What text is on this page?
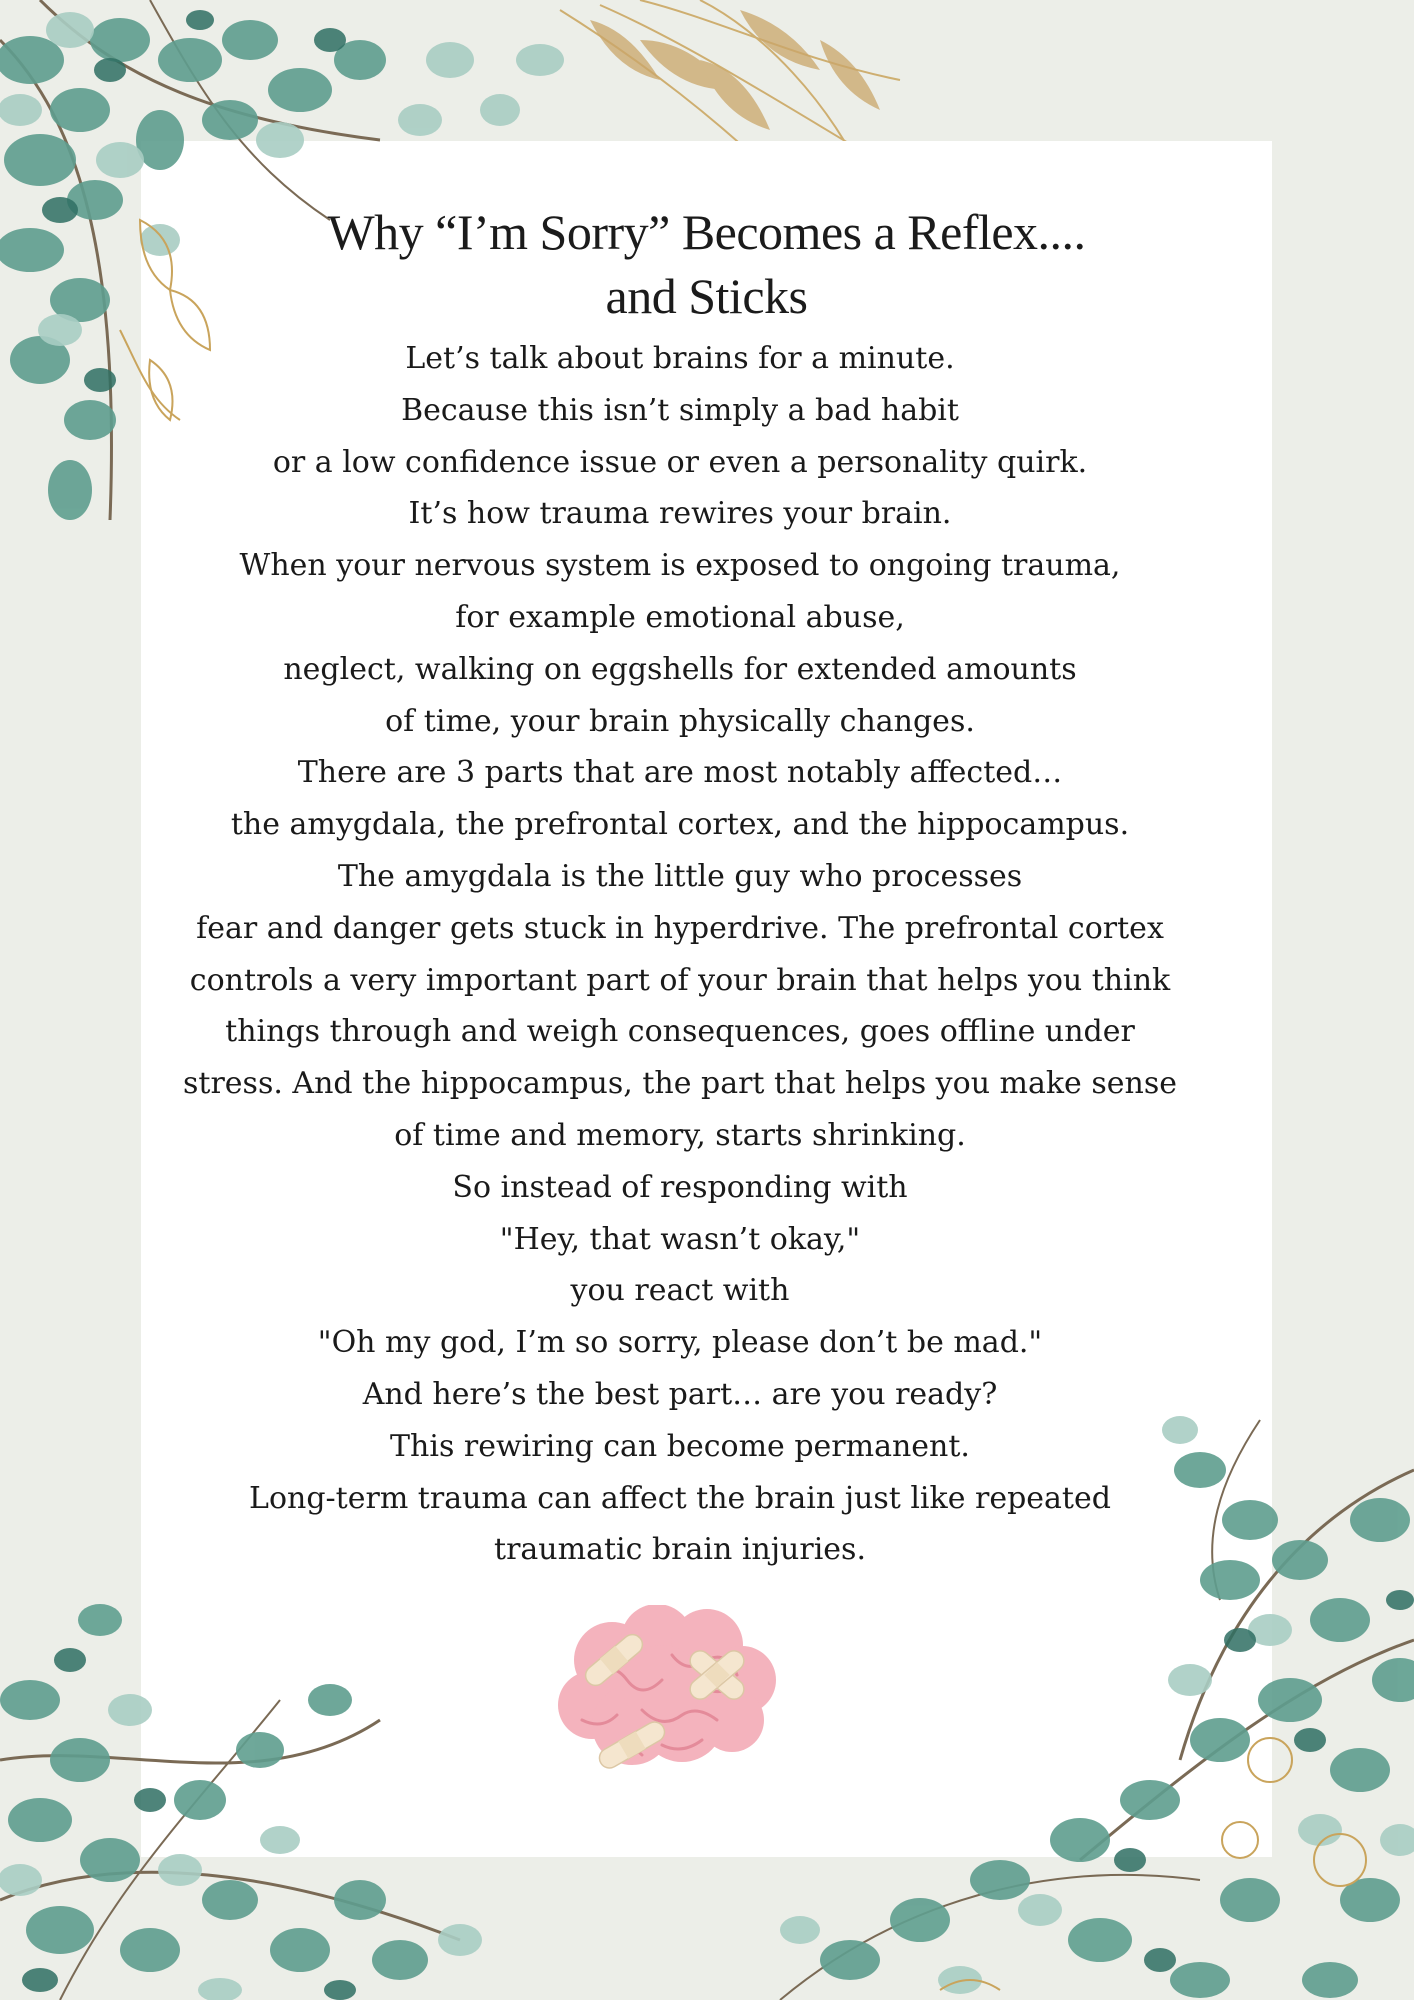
Why “I’m Sorry” Becomes a Reflex....
and Sticks
Let’s talk about brains for a minute.
Because this isn’t simply a bad habit
or a low confidence issue or even a personality quirk.
It’s how trauma rewires your brain.
When your nervous system is exposed to ongoing trauma,
for example emotional abuse,
neglect, walking on eggshells for extended amounts
of time, your brain physically changes.
There are 3 parts that are most notably affected…
the amygdala, the prefrontal cortex, and the hippocampus.
The amygdala is the little guy who processes
fear and danger gets stuck in hyperdrive. The prefrontal cortex
controls a very important part of your brain that helps you think
things through and weigh consequences, goes offline under
stress. And the hippocampus, the part that helps you make sense
of time and memory, starts shrinking.
So instead of responding with
"Hey, that wasn’t okay,"
you react with
"Oh my god, I’m so sorry, please don’t be mad."
And here’s the best part… are you ready?
This rewiring can become permanent.
Long-term trauma can affect the brain just like repeated
traumatic brain injuries.
